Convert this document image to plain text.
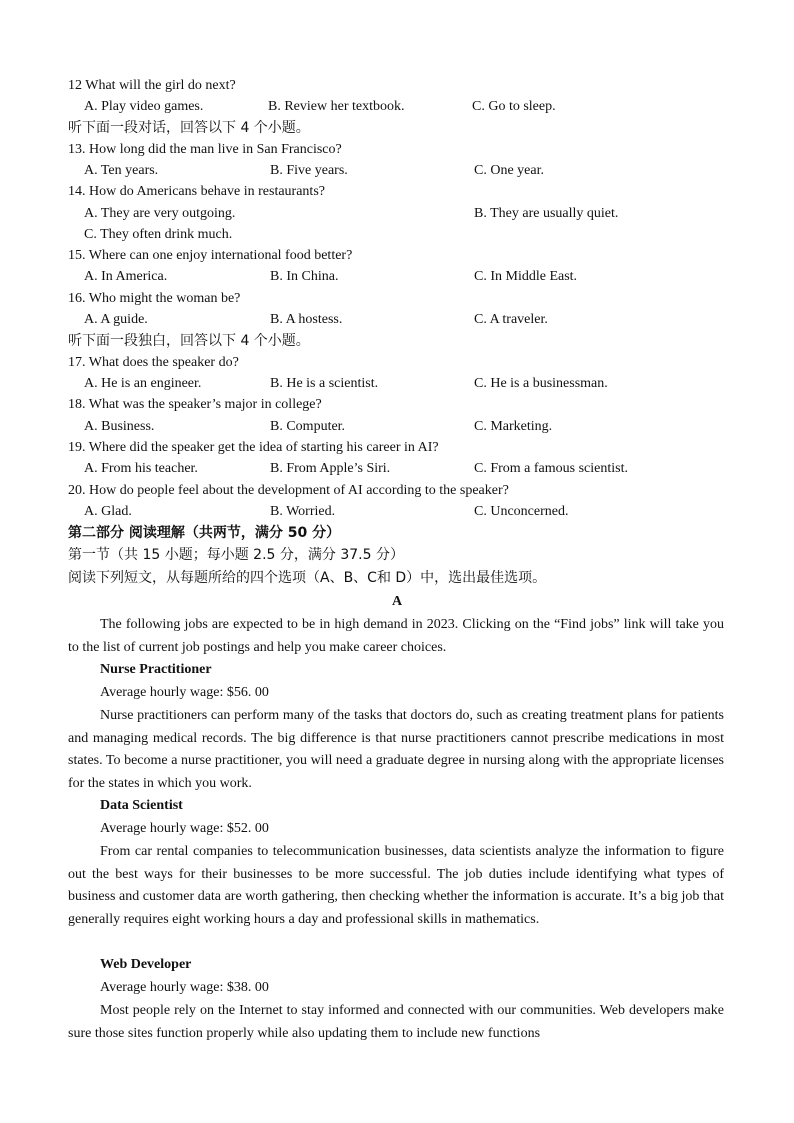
12 What will the girl do next?
A. Play video games.	B. Review her textbook.	C. Go to sleep.
听下面一段对话，回答以下 4 个小题。
13. How long did the man live in San Francisco?
A. Ten years.	B. Five years.	C. One year.
14. How do Americans behave in restaurants?
A. They are very outgoing.	B. They are usually quiet.
C. They often drink much.
15. Where can one enjoy international food better?
A. In America.	B. In China.	C. In Middle East.
16. Who might the woman be?
A. A guide.	B. A hostess.	C. A traveler.
听下面一段独白，回答以下 4 个小题。
17. What does the speaker do?
A. He is an engineer.	B. He is a scientist.	C. He is a businessman.
18. What was the speaker’s major in college?
A. Business.	B. Computer.	C. Marketing.
19. Where did the speaker get the idea of starting his career in AI?
A. From his teacher.	B. From Apple’s Siri.	C. From a famous scientist.
20. How do people feel about the development of AI according to the speaker?
A. Glad.	B. Worried.	C. Unconcerned.
第二部分 阅读理解（共两节，满分 50 分）
第一节（共 15 小题；每小题 2.5 分，满分 37.5 分）
阅读下列短文，从每题所给的四个选项（A、B、C和 D）中，选出最佳选项。
A
The following jobs are expected to be in high demand in 2023. Clicking on the “Find jobs” link will take you to the list of current job postings and help you make career choices.
Nurse Practitioner
Average hourly wage: $56. 00
Nurse practitioners can perform many of the tasks that doctors do, such as creating treatment plans for patients and managing medical records. The big difference is that nurse practitioners cannot prescribe medications in most states. To become a nurse practitioner, you will need a graduate degree in nursing along with the appropriate licenses for the states in which you work.
Data Scientist
Average hourly wage: $52. 00
From car rental companies to telecommunication businesses, data scientists analyze the information to figure out the best ways for their businesses to be more successful. The job duties include identifying what types of business and customer data are worth gathering, then checking whether the information is accurate. It’s a big job that generally requires eight working hours a day and professional skills in mathematics.
Web Developer
Average hourly wage: $38. 00
Most people rely on the Internet to stay informed and connected with our communities. Web developers make sure those sites function properly while also updating them to include new functions
